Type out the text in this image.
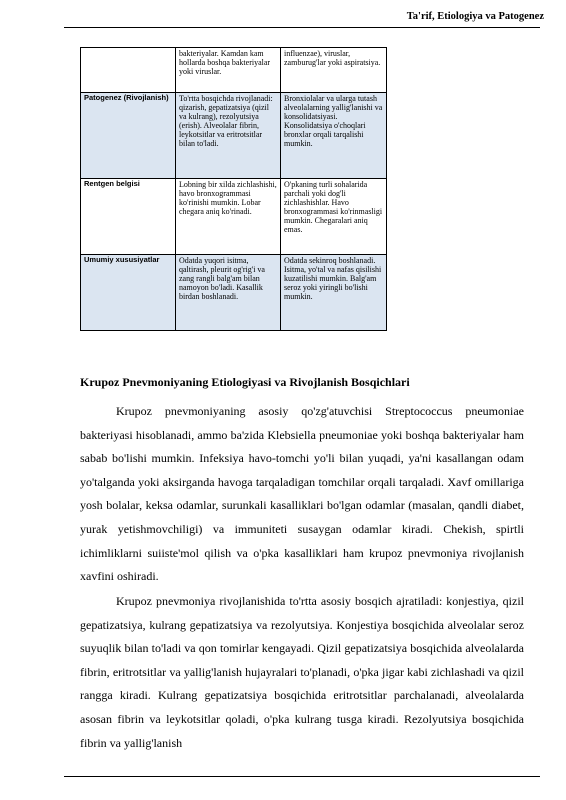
Ta'rif, Etiologiya va Patogenez
	bakteriyalar. Kamdan kam hollarda boshqa bakteriyalar yoki viruslar.	influenzae), viruslar, zamburug'lar yoki aspiratsiya.
Patogenez (Rivojlanish)	To'rtta bosqichda rivojlanadi: qizarish, gepatizatsiya (qizil va kulrang), rezolyutsiya (erish). Alveolalar fibrin, leykotsitlar va eritrotsitlar bilan to'ladi.	Bronxiolalar va ularga tutash alveolalarning yallig'lanishi va konsolidatsiyasi. Konsolidatsiya o'choqlari bronxlar orqali tarqalishi mumkin.
Rentgen belgisi	Lobning bir xilda zichlashishi, havo bronxogrammasi ko'rinishi mumkin. Lobar chegara aniq ko'rinadi.	O'pkaning turli sohalarida parchali yoki dog'li zichlashishlar. Havo bronxogrammasi ko'rinmasligi mumkin. Chegaralari aniq emas.
Umumiy xususiyatlar	Odatda yuqori isitma, qaltirash, pleurit og'rig'i va zang rangli balg'am bilan namoyon bo'ladi. Kasallik birdan boshlanadi.	Odatda sekinroq boshlanadi. Isitma, yo'tal va nafas qisilishi kuzatilishi mumkin. Balg'am seroz yoki yiringli bo'lishi mumkin.
Krupoz Pnevmoniyaning Etiologiyasi va Rivojlanish Bosqichlari

Krupoz pnevmoniyaning asosiy qo'zg'atuvchisi Streptococcus pneumoniae bakteriyasi hisoblanadi, ammo ba'zida Klebsiella pneumoniae yoki boshqa bakteriyalar ham sabab bo'lishi mumkin. Infeksiya havo-tomchi yo'li bilan yuqadi, ya'ni kasallangan odam yo'talganda yoki aksirganda havoga tarqaladigan tomchilar orqali tarqaladi. Xavf omillariga yosh bolalar, keksa odamlar, surunkali kasalliklari bo'lgan odamlar (masalan, qandli diabet, yurak yetishmovchiligi) va immuniteti susaygan odamlar kiradi. Chekish, spirtli ichimliklarni suiiste'mol qilish va o'pka kasalliklari ham krupoz pnevmoniya rivojlanish xavfini oshiradi.

Krupoz pnevmoniya rivojlanishida to'rtta asosiy bosqich ajratiladi: konjestiya, qizil gepatizatsiya, kulrang gepatizatsiya va rezolyutsiya. Konjestiya bosqichida alveolalar seroz suyuqlik bilan to'ladi va qon tomirlar kengayadi. Qizil gepatizatsiya bosqichida alveolalarda fibrin, eritrotsitlar va yallig'lanish hujayralari to'planadi, o'pka jigar kabi zichlashadi va qizil rangga kiradi. Kulrang gepatizatsiya bosqichida eritrotsitlar parchalanadi, alveolalarda asosan fibrin va leykotsitlar qoladi, o'pka kulrang tusga kiradi. Rezolyutsiya bosqichida fibrin va yallig'lanish
